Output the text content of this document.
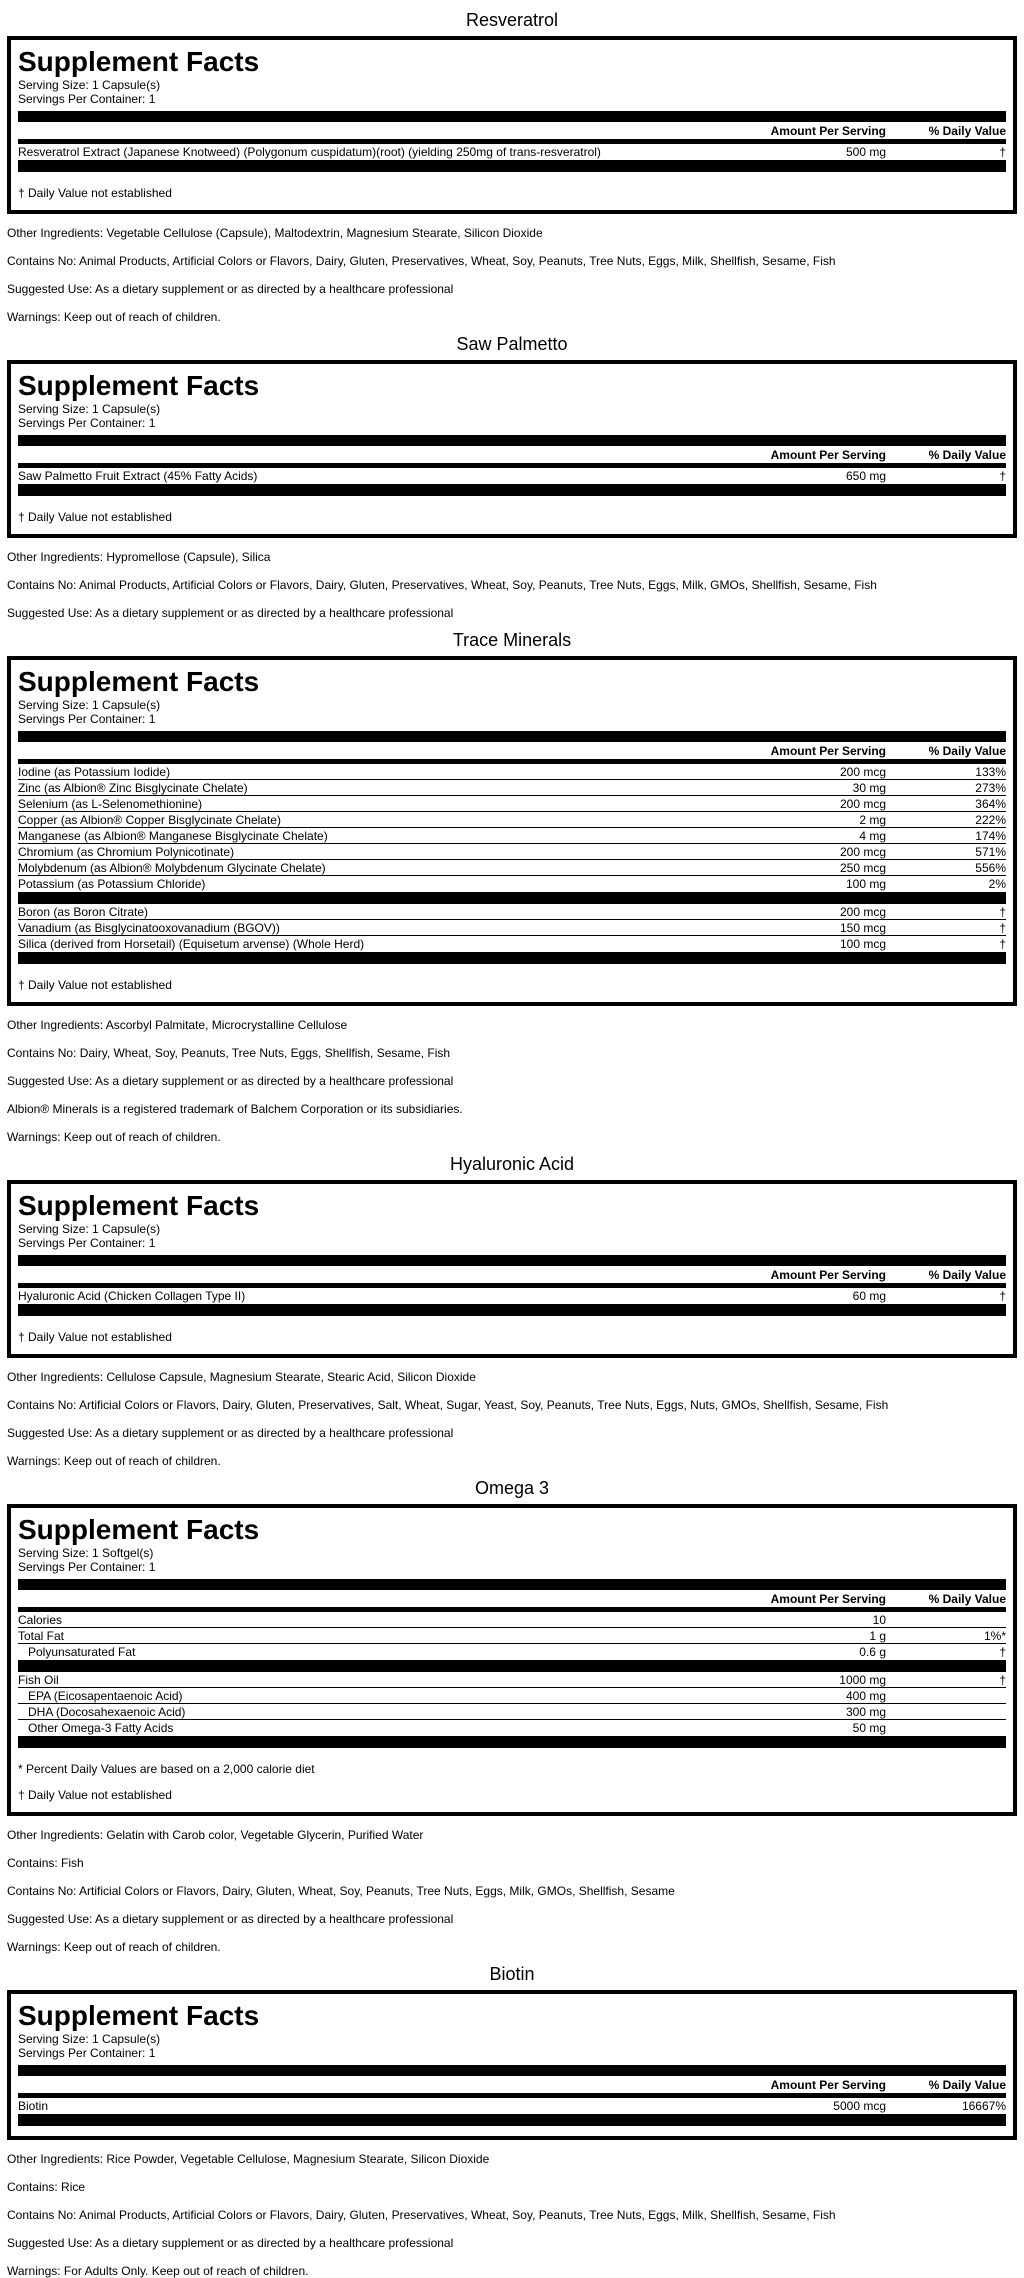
Resveratrol
Supplement Facts
Serving Size: 1 Capsule(s)
Servings Per Container: 1
Amount Per Serving	% Daily Value
Resveratrol Extract (Japanese Knotweed) (Polygonum cuspidatum)(root) (yielding 250mg of trans-resveratrol)	500 mg	†
† Daily Value not established
Other Ingredients: Vegetable Cellulose (Capsule), Maltodextrin, Magnesium Stearate, Silicon Dioxide
Contains No: Animal Products, Artificial Colors or Flavors, Dairy, Gluten, Preservatives, Wheat, Soy, Peanuts, Tree Nuts, Eggs, Milk, Shellfish, Sesame, Fish
Suggested Use: As a dietary supplement or as directed by a healthcare professional
Warnings: Keep out of reach of children.
Saw Palmetto
Supplement Facts
Serving Size: 1 Capsule(s)
Servings Per Container: 1
Amount Per Serving	% Daily Value
Saw Palmetto Fruit Extract (45% Fatty Acids)	650 mg	†
† Daily Value not established
Other Ingredients: Hypromellose (Capsule), Silica
Contains No: Animal Products, Artificial Colors or Flavors, Dairy, Gluten, Preservatives, Wheat, Soy, Peanuts, Tree Nuts, Eggs, Milk, GMOs, Shellfish, Sesame, Fish
Suggested Use: As a dietary supplement or as directed by a healthcare professional
Trace Minerals
Supplement Facts
Serving Size: 1 Capsule(s)
Servings Per Container: 1
Amount Per Serving	% Daily Value
Iodine (as Potassium Iodide)	200 mcg	133%
Zinc (as Albion® Zinc Bisglycinate Chelate)	30 mg	273%
Selenium (as L-Selenomethionine)	200 mcg	364%
Copper (as Albion® Copper Bisglycinate Chelate)	2 mg	222%
Manganese (as Albion® Manganese Bisglycinate Chelate)	4 mg	174%
Chromium (as Chromium Polynicotinate)	200 mcg	571%
Molybdenum (as Albion® Molybdenum Glycinate Chelate)	250 mcg	556%
Potassium (as Potassium Chloride)	100 mg	2%
Boron (as Boron Citrate)	200 mcg	†
Vanadium (as Bisglycinatooxovanadium (BGOV))	150 mcg	†
Silica (derived from Horsetail) (Equisetum arvense) (Whole Herd)	100 mcg	†
† Daily Value not established
Other Ingredients: Ascorbyl Palmitate, Microcrystalline Cellulose
Contains No: Dairy, Wheat, Soy, Peanuts, Tree Nuts, Eggs, Shellfish, Sesame, Fish
Suggested Use: As a dietary supplement or as directed by a healthcare professional
Albion® Minerals is a registered trademark of Balchem Corporation or its subsidiaries.
Warnings: Keep out of reach of children.
Hyaluronic Acid
Supplement Facts
Serving Size: 1 Capsule(s)
Servings Per Container: 1
Amount Per Serving	% Daily Value
Hyaluronic Acid (Chicken Collagen Type II)	60 mg	†
† Daily Value not established
Other Ingredients: Cellulose Capsule, Magnesium Stearate, Stearic Acid, Silicon Dioxide
Contains No: Artificial Colors or Flavors, Dairy, Gluten, Preservatives, Salt, Wheat, Sugar, Yeast, Soy, Peanuts, Tree Nuts, Eggs, Nuts, GMOs, Shellfish, Sesame, Fish
Suggested Use: As a dietary supplement or as directed by a healthcare professional
Warnings: Keep out of reach of children.
Omega 3
Supplement Facts
Serving Size: 1 Softgel(s)
Servings Per Container: 1
Amount Per Serving	% Daily Value
Calories	10
Total Fat	1 g	1%*
Polyunsaturated Fat	0.6 g	†
Fish Oil	1000 mg	†
EPA (Eicosapentaenoic Acid)	400 mg
DHA (Docosahexaenoic Acid)	300 mg
Other Omega-3 Fatty Acids	50 mg
* Percent Daily Values are based on a 2,000 calorie diet
† Daily Value not established
Other Ingredients: Gelatin with Carob color, Vegetable Glycerin, Purified Water
Contains: Fish
Contains No: Artificial Colors or Flavors, Dairy, Gluten, Wheat, Soy, Peanuts, Tree Nuts, Eggs, Milk, GMOs, Shellfish, Sesame
Suggested Use: As a dietary supplement or as directed by a healthcare professional
Warnings: Keep out of reach of children.
Biotin
Supplement Facts
Serving Size: 1 Capsule(s)
Servings Per Container: 1
Amount Per Serving	% Daily Value
Biotin	5000 mcg	16667%
Other Ingredients: Rice Powder, Vegetable Cellulose, Magnesium Stearate, Silicon Dioxide
Contains: Rice
Contains No: Animal Products, Artificial Colors or Flavors, Dairy, Gluten, Preservatives, Wheat, Soy, Peanuts, Tree Nuts, Eggs, Milk, Shellfish, Sesame, Fish
Suggested Use: As a dietary supplement or as directed by a healthcare professional
Warnings: For Adults Only. Keep out of reach of children.
